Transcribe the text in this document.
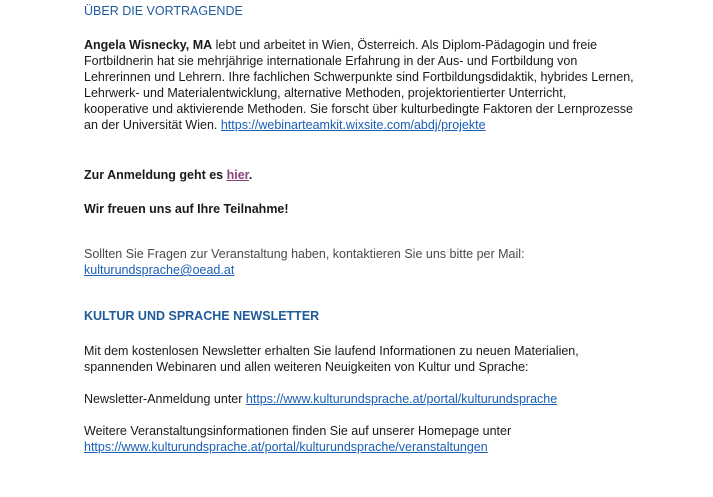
ÜBER DIE VORTRAGENDE

Angela Wisnecky, MA lebt und arbeitet in Wien, Österreich. Als Diplom-Pädagogin und freie

Fortbildnerin hat sie mehrjährige internationale Erfahrung in der Aus- und Fortbildung von

Lehrerinnen und Lehrern. Ihre fachlichen Schwerpunkte sind Fortbildungsdidaktik, hybrides Lernen,

Lehrwerk- und Materialentwicklung, alternative Methoden, projektorientierter Unterricht,

kooperative und aktivierende Methoden. Sie forscht über kulturbedingte Faktoren der Lernprozesse

an der Universität Wien. https://webinarteamkit.wixsite.com/abdj/projekte

Zur Anmeldung geht es hier.
Wir freuen uns auf Ihre Teilnahme!

Sollten Sie Fragen zur Veranstaltung haben, kontaktieren Sie uns bitte per Mail:

kulturundsprache@oead.at

KULTUR UND SPRACHE NEWSLETTER

Mit dem kostenlosen Newsletter erhalten Sie laufend Informationen zu neuen Materialien,

spannenden Webinaren und allen weiteren Neuigkeiten von Kultur und Sprache:

Newsletter-Anmeldung unter https://www.kulturundsprache.at/portal/kulturundsprache

Weitere Veranstaltungsinformationen finden Sie auf unserer Homepage unter

https://www.kulturundsprache.at/portal/kulturundsprache/veranstaltungen
